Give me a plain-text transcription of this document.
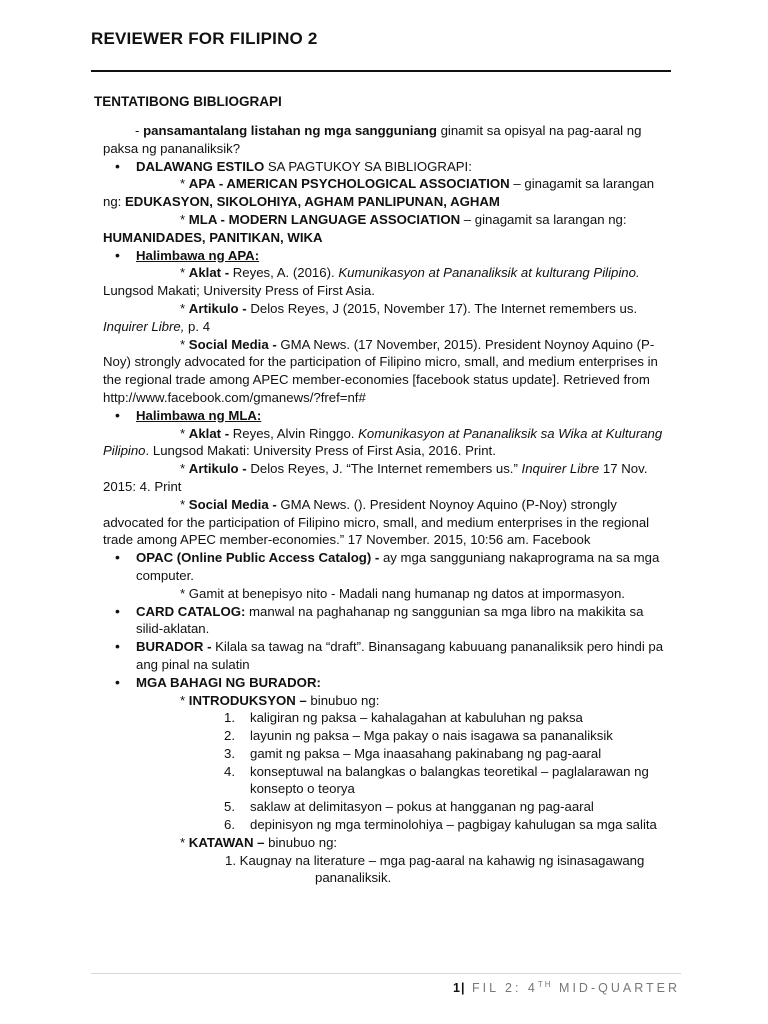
REVIEWER FOR FILIPINO 2
TENTATIBONG BIBLIOGRAPI

- pansamantalang listahan ng mga sangguniang ginamit sa opisyal na pag-aaral ng paksa ng pananaliksik?

• DALAWANG ESTILO SA PAGTUKOY SA BIBLIOGRAPI:

* APA - AMERICAN PSYCHOLOGICAL ASSOCIATION – ginagamit sa larangan ng: EDUKASYON, SIKOLOHIYA, AGHAM PANLIPUNAN, AGHAM

* MLA - MODERN LANGUAGE ASSOCIATION – ginagamit sa larangan ng: HUMANIDADES, PANITIKAN, WIKA

• Halimbawa ng APA:

* Aklat - Reyes, A. (2016). Kumunikasyon at Pananaliksik at kulturang Pilipino. Lungsod Makati; University Press of First Asia.

* Artikulo - Delos Reyes, J (2015, November 17). The Internet remembers us. Inquirer Libre, p. 4

* Social Media - GMA News. (17 November, 2015). President Noynoy Aquino (P-Noy) strongly advocated for the participation of Filipino micro, small, and medium enterprises in the regional trade among APEC member-economies [facebook status update]. Retrieved from http://www.facebook.com/gmanews/?fref=nf#

• Halimbawa ng MLA:

* Aklat - Reyes, Alvin Ringgo. Komunikasyon at Pananaliksik sa Wika at Kulturang Pilipino. Lungsod Makati: University Press of First Asia, 2016. Print.

* Artikulo - Delos Reyes, J. “The Internet remembers us.” Inquirer Libre 17 Nov. 2015: 4. Print

* Social Media - GMA News. (). President Noynoy Aquino (P-Noy) strongly advocated for the participation of Filipino micro, small, and medium enterprises in the regional trade among APEC member-economies.” 17 November. 2015, 10:56 am. Facebook

• OPAC (Online Public Access Catalog) - ay mga sangguniang nakaprograma na sa mga computer.

* Gamit at benepisyo nito - Madali nang humanap ng datos at impormasyon.

• CARD CATALOG: manwal na paghahanap ng sanggunian sa mga libro na makikita sa silid-aklatan.
• BURADOR - Kilala sa tawag na “draft”. Binansagang kabuuang pananaliksik pero hindi pa ang pinal na sulatin
• MGA BAHAGI NG BURADOR:

* INTRODUKSYON – binubuo ng:

1. kaligiran ng paksa – kahalagahan at kabuluhan ng paksa
2. layunin ng paksa – Mga pakay o nais isagawa sa pananaliksik
3. gamit ng paksa – Mga inaasahang pakinabang ng pag-aaral
4. konseptuwal na balangkas o balangkas teoretikal – paglalarawan ng konsepto o teorya
5. saklaw at delimitasyon – pokus at hangganan ng pag-aaral
6. depinisyon ng mga terminolohiya – pagbigay kahulugan sa mga salita

* KATAWAN – binubuo ng:

1. Kaugnay na literature – mga pag-aaral na kahawig ng isinasagawang

pananaliksik.

1| FIL 2: 4TH MID-QUARTER
